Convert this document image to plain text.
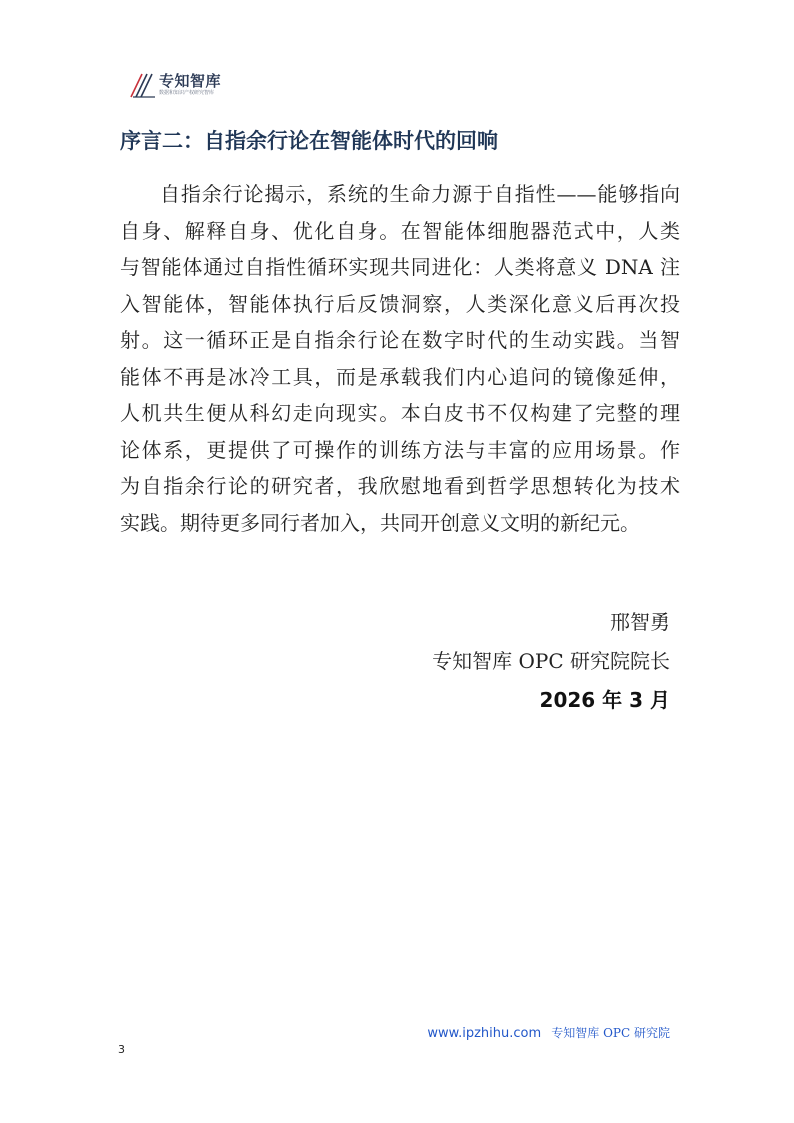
专知智库
数据和知识产权研究智库
序言二：自指余行论在智能体时代的回响
自指余行论揭示，系统的生命力源于自指性——能够指向
自身、解释自身、优化自身。在智能体细胞器范式中，人类
与智能体通过自指性循环实现共同进化：人类将意义 DNA 注
入智能体，智能体执行后反馈洞察，人类深化意义后再次投
射。这一循环正是自指余行论在数字时代的生动实践。当智
能体不再是冰冷工具，而是承载我们内心追问的镜像延伸，
人机共生便从科幻走向现实。本白皮书不仅构建了完整的理
论体系，更提供了可操作的训练方法与丰富的应用场景。作
为自指余行论的研究者，我欣慰地看到哲学思想转化为技术
实践。期待更多同行者加入，共同开创意义文明的新纪元。
邢智勇
专知智库 OPC 研究院院长
2026 年 3 月
www.ipzhihu.com 专知智库 OPC 研究院
3
